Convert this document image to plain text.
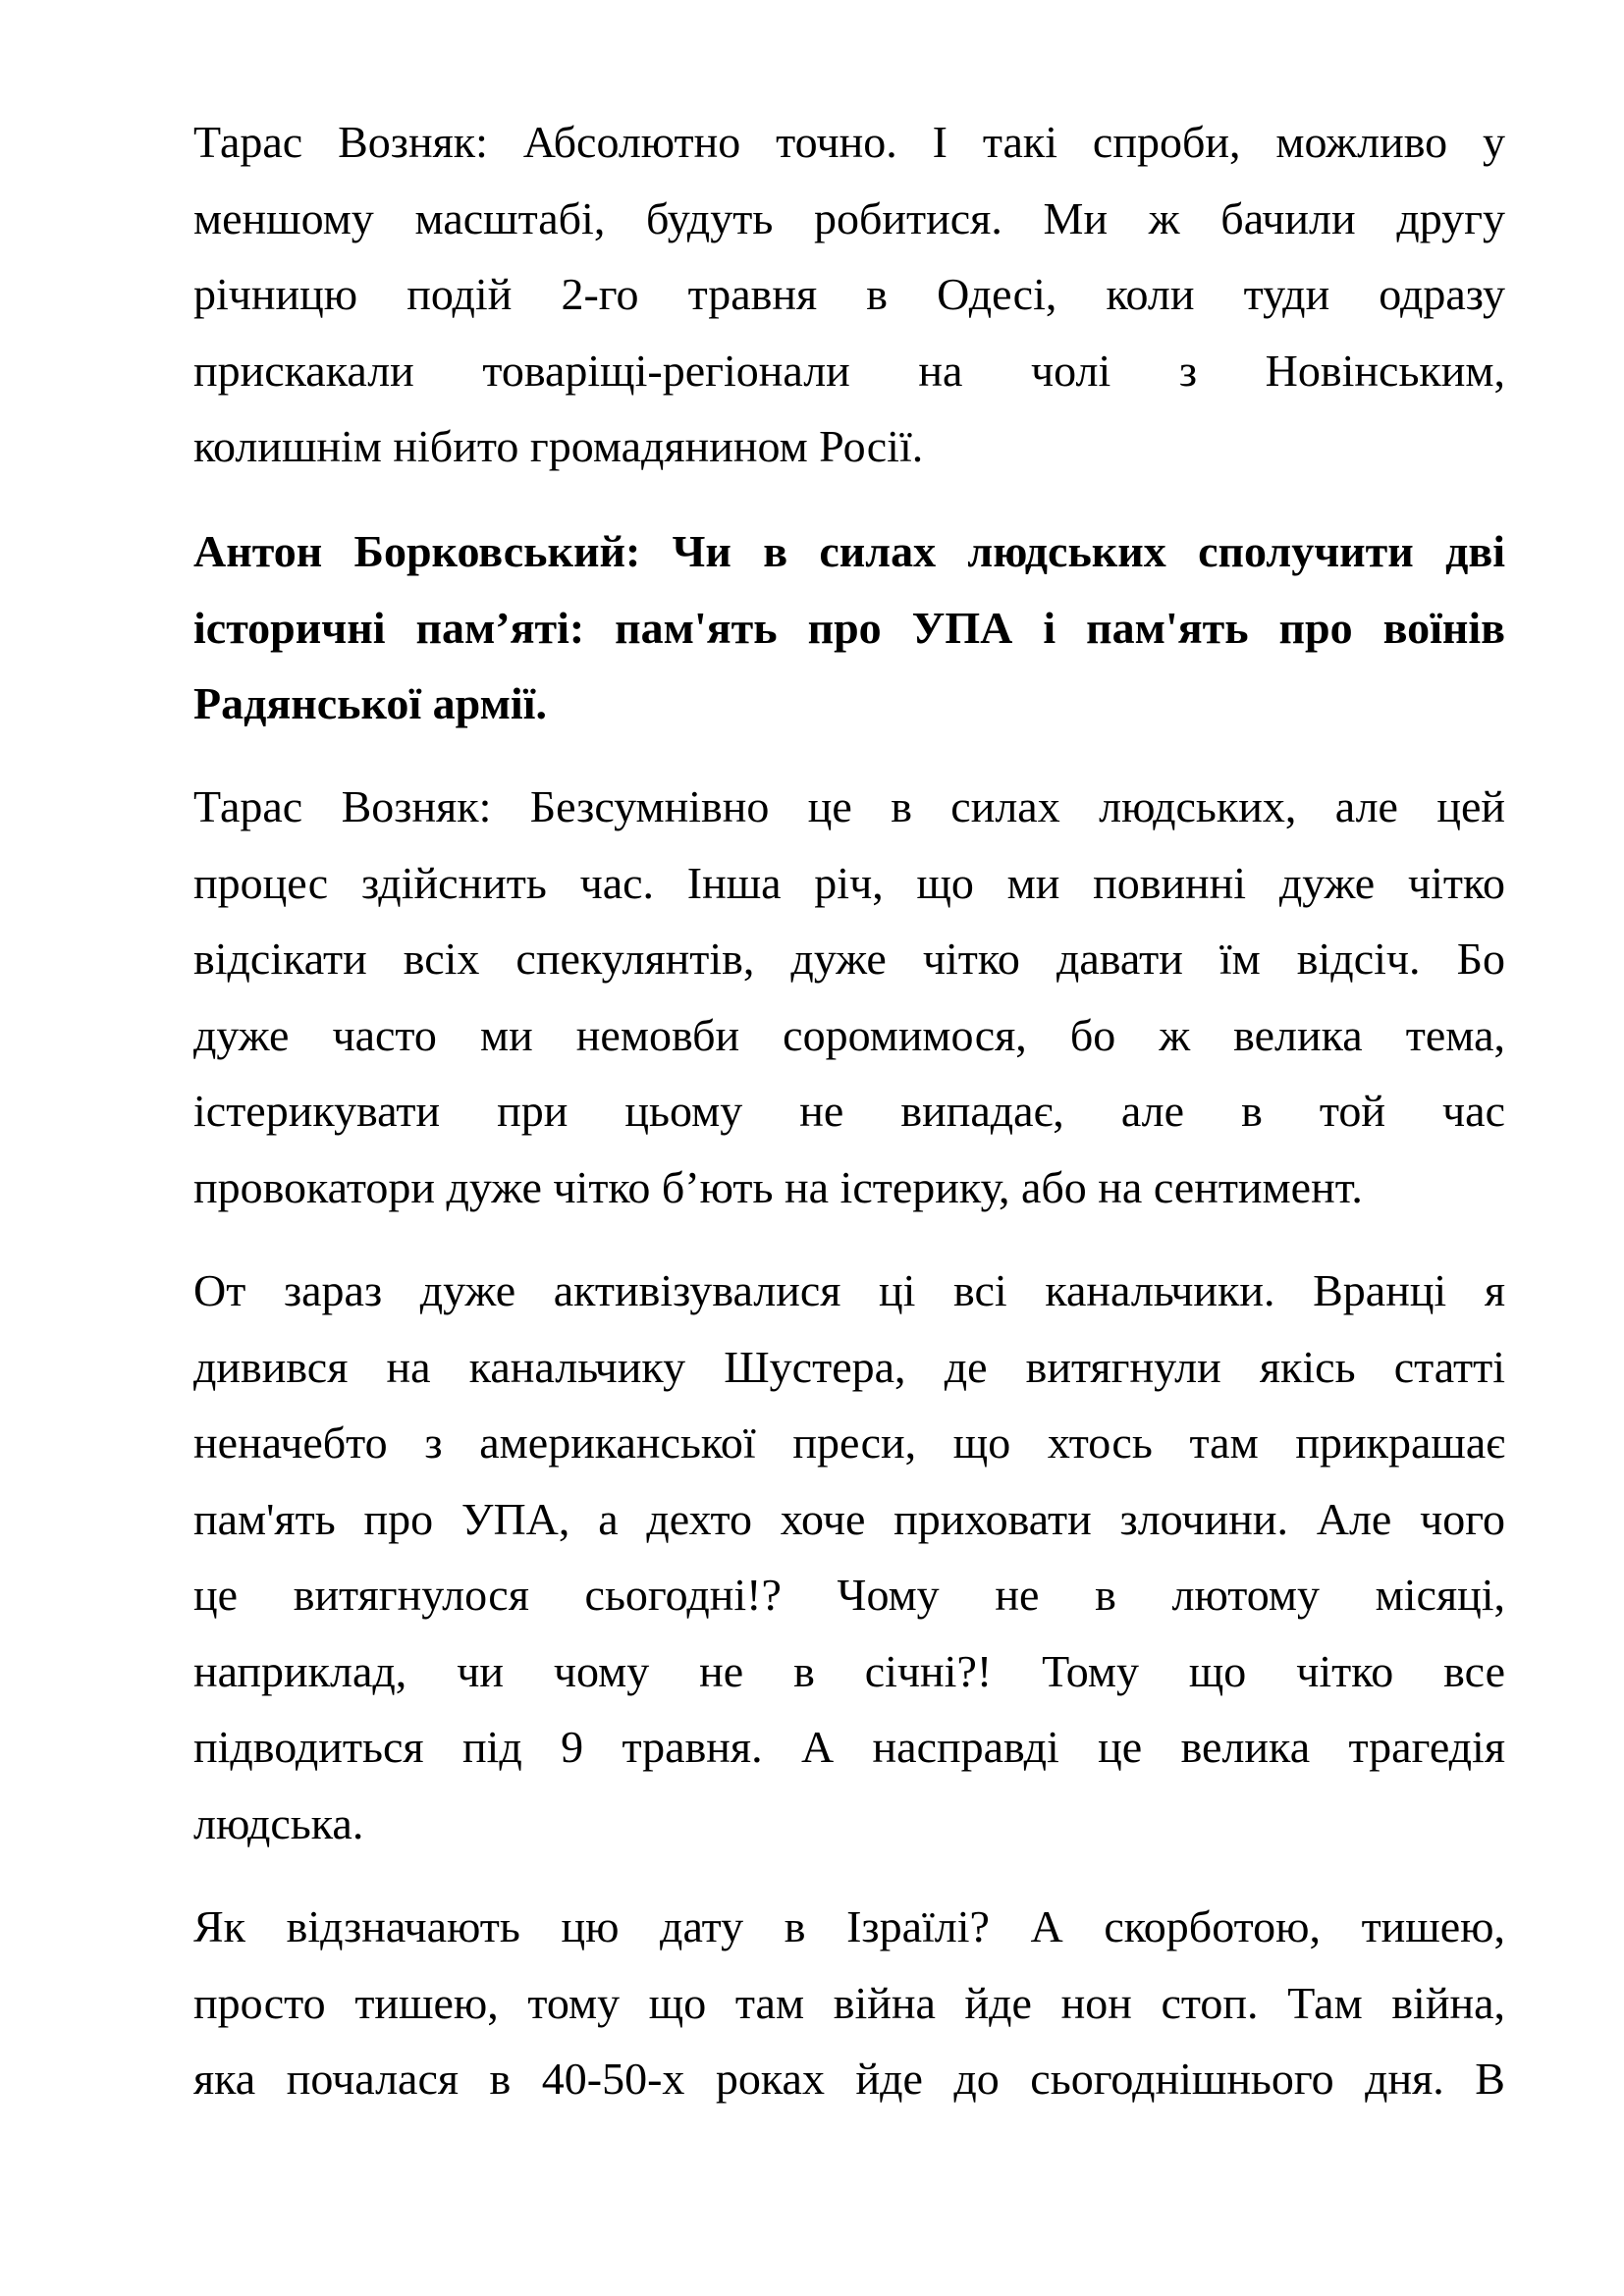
Тарас Возняк: Абсолютно точно. І такі спроби, можливо у
меншому масштабі, будуть робитися. Ми ж бачили другу
річницю подій 2-го травня в Одесі, коли туди одразу
прискакали товаріщі-регіонали на чолі з Новінським,
колишнім нібито громадянином Росії.
Антон Борковський: Чи в силах людських сполучити дві
історичні пам’яті: пам'ять про УПА і пам'ять про воїнів
Радянської армії.
Тарас Возняк: Безсумнівно це в силах людських, але цей
процес здійснить час. Інша річ, що ми повинні дуже чітко
відсікати всіх спекулянтів, дуже чітко давати їм відсіч. Бо
дуже часто ми немовби соромимося, бо ж велика тема,
істерикувати при цьому не випадає, але в той час
провокатори дуже чітко б’ють на істерику, або на сентимент.
От зараз дуже активізувалися ці всі канальчики. Вранці я
дивився на канальчику Шустера, де витягнули якісь статті
неначебто з американської преси, що хтось там прикрашає
пам'ять про УПА, а дехто хоче приховати злочини. Але чого
це витягнулося сьогодні!? Чому не в лютому місяці,
наприклад, чи чому не в січні?! Тому що чітко все
підводиться під 9 травня. А насправді це велика трагедія
людська.
Як відзначають цю дату в Ізраїлі? А скорботою, тишею,
просто тишею, тому що там війна йде нон стоп. Там війна,
яка почалася в 40-50-х роках йде до сьогоднішнього дня. В
